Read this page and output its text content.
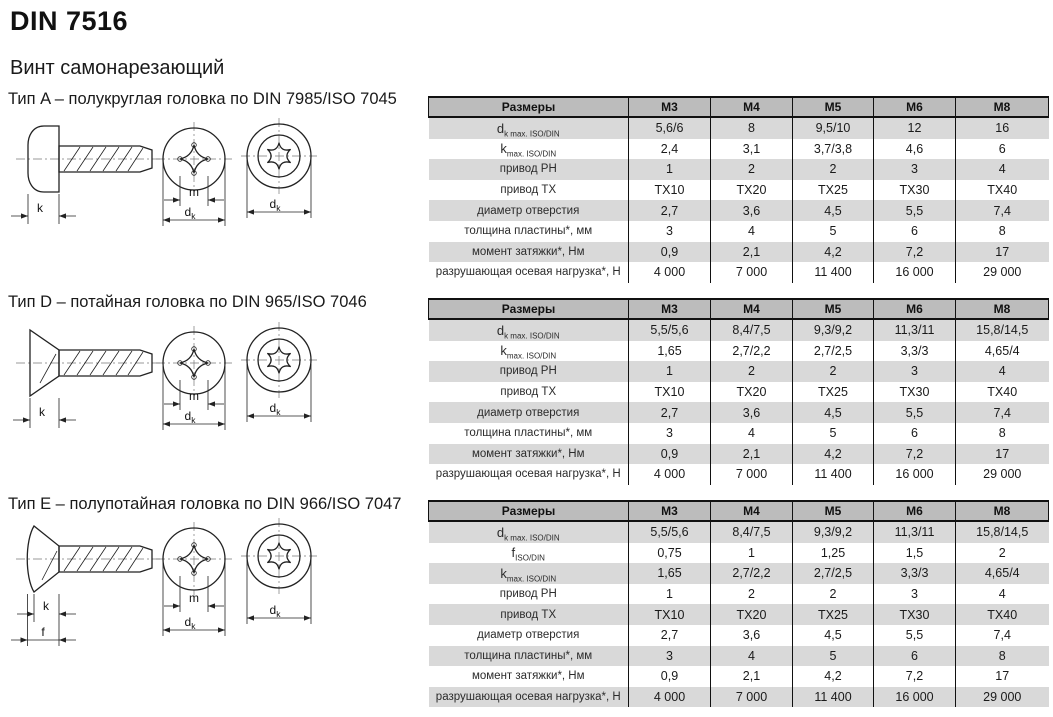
DIN 7516
Винт самонарезающий
Тип A – полукруглая головка по DIN 7985/ISO 7045
Тип D – потайная головка по DIN 965/ISO 7046
Тип E – полупотайная головка по DIN 966/ISO 7047
k
m
$d_k$
$d_k$
k
m
$d_k$
$d_k$
k
f
m
$d_k$
$d_k$
Размеры	М3	М4	М5	М6	М8
$d_{k max. ISO/DIN}$	5,6/6	8	9,5/10	12	16
$k_{max. ISO/DIN}$	2,4	3,1	3,7/3,8	4,6	6
привод PH	1	2	2	3	4
привод TX	TX10	TX20	TX25	TX30	TX40
диаметр отверстия	2,7	3,6	4,5	5,5	7,4
толщина пластины*, мм	3	4	5	6	8
момент затяжки*, Нм	0,9	2,1	4,2	7,2	17
разрушающая осевая нагрузка*, Н	4 000	7 000	11 400	16 000	29 000
Размеры	М3	М4	М5	М6	М8
$d_{k max. ISO/DIN}$	5,5/5,6	8,4/7,5	9,3/9,2	11,3/11	15,8/14,5
$k_{max. ISO/DIN}$	1,65	2,7/2,2	2,7/2,5	3,3/3	4,65/4
привод PH	1	2	2	3	4
привод TX	TX10	TX20	TX25	TX30	TX40
диаметр отверстия	2,7	3,6	4,5	5,5	7,4
толщина пластины*, мм	3	4	5	6	8
момент затяжки*, Нм	0,9	2,1	4,2	7,2	17
разрушающая осевая нагрузка*, Н	4 000	7 000	11 400	16 000	29 000
Размеры	М3	М4	М5	М6	М8
$d_{k max. ISO/DIN}$	5,5/5,6	8,4/7,5	9,3/9,2	11,3/11	15,8/14,5
$f_{ISO/DIN}$	0,75	1	1,25	1,5	2
$k_{max. ISO/DIN}$	1,65	2,7/2,2	2,7/2,5	3,3/3	4,65/4
привод PH	1	2	2	3	4
привод TX	TX10	TX20	TX25	TX30	TX40
диаметр отверстия	2,7	3,6	4,5	5,5	7,4
толщина пластины*, мм	3	4	5	6	8
момент затяжки*, Нм	0,9	2,1	4,2	7,2	17
разрушающая осевая нагрузка*, Н	4 000	7 000	11 400	16 000	29 000
